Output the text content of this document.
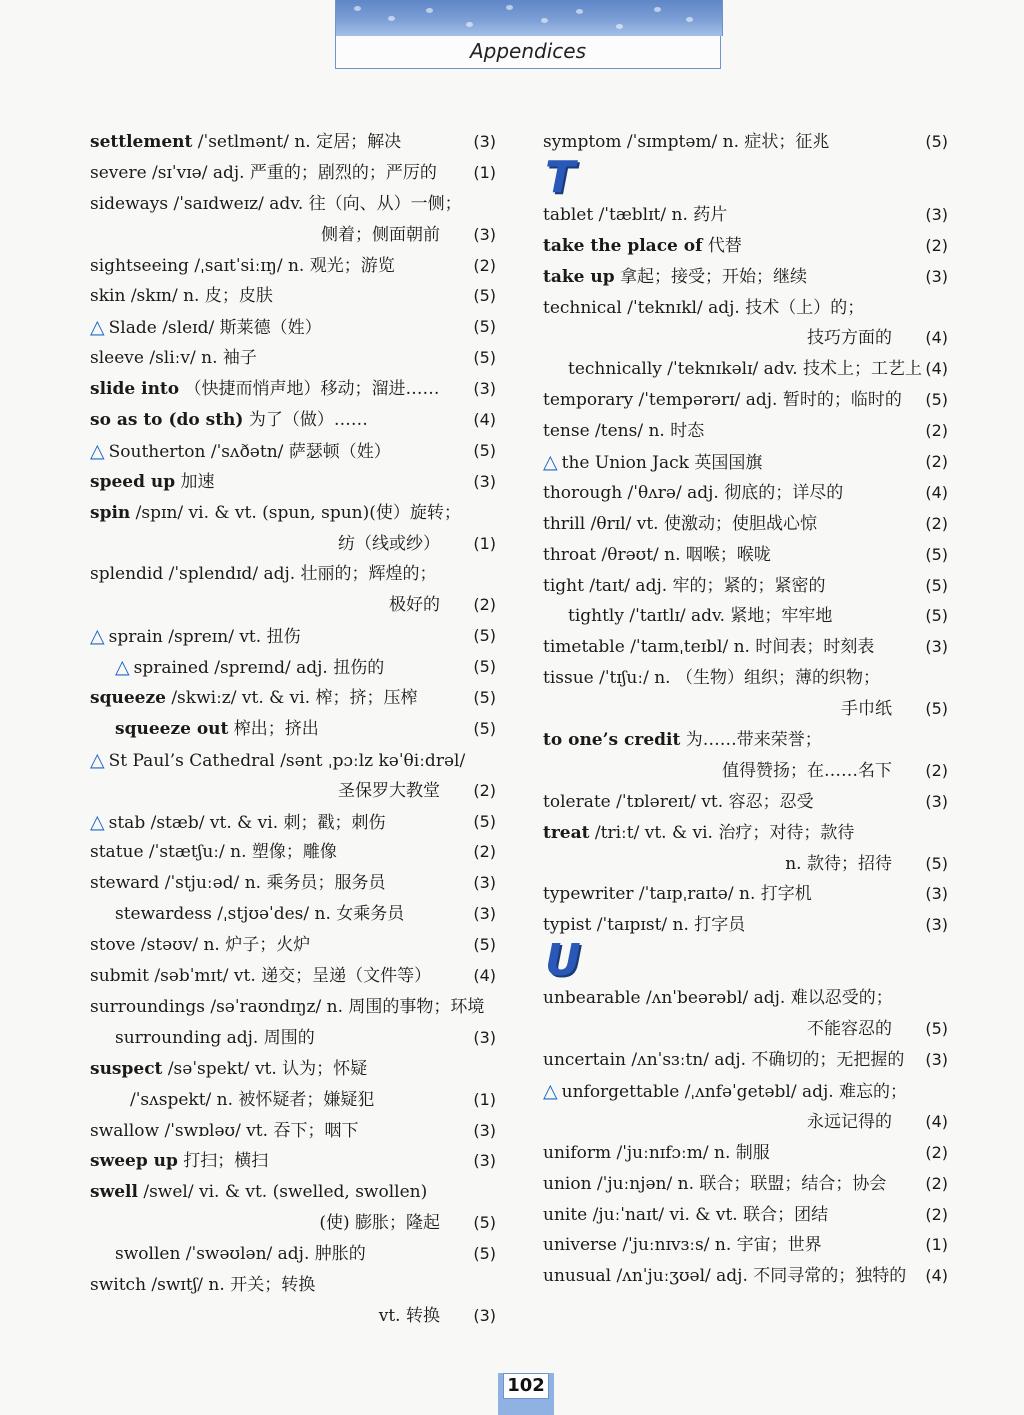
Appendices
settlement /ˈsetlmənt/ n. 定居；解决	(3)
severe /sɪˈvɪə/ adj. 严重的；剧烈的；严厉的 (1)
sideways /ˈsaɪdweɪz/ adv. 往（向、从）一侧；
侧着；侧面朝前 (3)
sightseeing /ˌsaɪtˈsiːɪŋ/ n. 观光；游览	(2)
skin /skɪn/ n. 皮；皮肤	(5)
△ Slade /sleɪd/ 斯莱德（姓）	(5)
sleeve /sliːv/ n. 袖子	(5)
slide into （快捷而悄声地）移动；溜进…… (3)
so as to (do sth) 为了（做）……	(4)
△ Southerton /ˈsʌðətn/ 萨瑟顿（姓）	(5)
speed up 加速	(3)
spin /spɪn/ vi. & vt. (spun, spun)(使）旋转；
纺（线或纱） (1)
splendid /ˈsplendɪd/ adj. 壮丽的；辉煌的；
极好的 (2)
△ sprain /spreɪn/ vt. 扭伤	(5)
△ sprained /spreɪnd/ adj. 扭伤的	(5)
squeeze /skwiːz/ vt. & vi. 榨；挤；压榨	(5)
squeeze out 榨出；挤出	(5)
△ St Paul’s Cathedral /sənt ˌpɔːlz kəˈθiːdrəl/
圣保罗大教堂 (2)
△ stab /stæb/ vt. & vi. 刺；戳；刺伤	(5)
statue /ˈstætʃuː/ n. 塑像；雕像	(2)
steward /ˈstjuːəd/ n. 乘务员；服务员	(3)
stewardess /ˌstjʊəˈdes/ n. 女乘务员	(3)
stove /stəʊv/ n. 炉子；火炉	(5)
submit /səbˈmɪt/ vt. 递交；呈递（文件等）	(4)
surroundings /səˈraʊndɪŋz/ n. 周围的事物；环境
surrounding adj. 周围的	(3)
suspect /səˈspekt/ vt. 认为；怀疑
/ˈsʌspekt/ n. 被怀疑者；嫌疑犯	(1)
swallow /ˈswɒləʊ/ vt. 吞下；咽下	(3)
sweep up 打扫；横扫	(3)
swell /swel/ vi. & vt. (swelled, swollen)
(使) 膨胀；隆起 (5)
swollen /ˈswəʊlən/ adj. 肿胀的	(5)
switch /swɪtʃ/ n. 开关；转换
vt. 转换 (3)
symptom /ˈsɪmptəm/ n. 症状；征兆	(5)
T
tablet /ˈtæblɪt/ n. 药片	(3)
take the place of 代替	(2)
take up 拿起；接受；开始；继续	(3)
technical /ˈteknɪkl/ adj. 技术（上）的；
技巧方面的 (4)
technically /ˈteknɪkəlɪ/ adv. 技术上；工艺上 (4)
temporary /ˈtempərərɪ/ adj. 暂时的；临时的 (5)
tense /tens/ n. 时态	(2)
△ the Union Jack 英国国旗	(2)
thorough /ˈθʌrə/ adj. 彻底的；详尽的	(4)
thrill /θrɪl/ vt. 使激动；使胆战心惊	(2)
throat /θrəʊt/ n. 咽喉；喉咙	(5)
tight /taɪt/ adj. 牢的；紧的；紧密的	(5)
tightly /ˈtaɪtlɪ/ adv. 紧地；牢牢地	(5)
timetable /ˈtaɪmˌteɪbl/ n. 时间表；时刻表	(3)
tissue /ˈtɪʃuː/ n. （生物）组织；薄的织物；
手巾纸 (5)
to one’s credit 为……带来荣誉；
值得赞扬；在……名下 (2)
tolerate /ˈtɒləreɪt/ vt. 容忍；忍受	(3)
treat /triːt/ vt. & vi. 治疗；对待；款待
n. 款待；招待 (5)
typewriter /ˈtaɪpˌraɪtə/ n. 打字机	(3)
typist /ˈtaɪpɪst/ n. 打字员	(3)
U
unbearable /ʌnˈbeərəbl/ adj. 难以忍受的；
不能容忍的 (5)
uncertain /ʌnˈsɜːtn/ adj. 不确切的；无把握的 (3)
△ unforgettable /ˌʌnfəˈgetəbl/ adj. 难忘的；
永远记得的 (4)
uniform /ˈjuːnɪfɔːm/ n. 制服	(2)
union /ˈjuːnjən/ n. 联合；联盟；结合；协会 (2)
unite /juːˈnaɪt/ vi. & vt. 联合；团结	(2)
universe /ˈjuːnɪvɜːs/ n. 宇宙；世界	(1)
unusual /ʌnˈjuːʒʊəl/ adj. 不同寻常的；独特的 (4)
102
